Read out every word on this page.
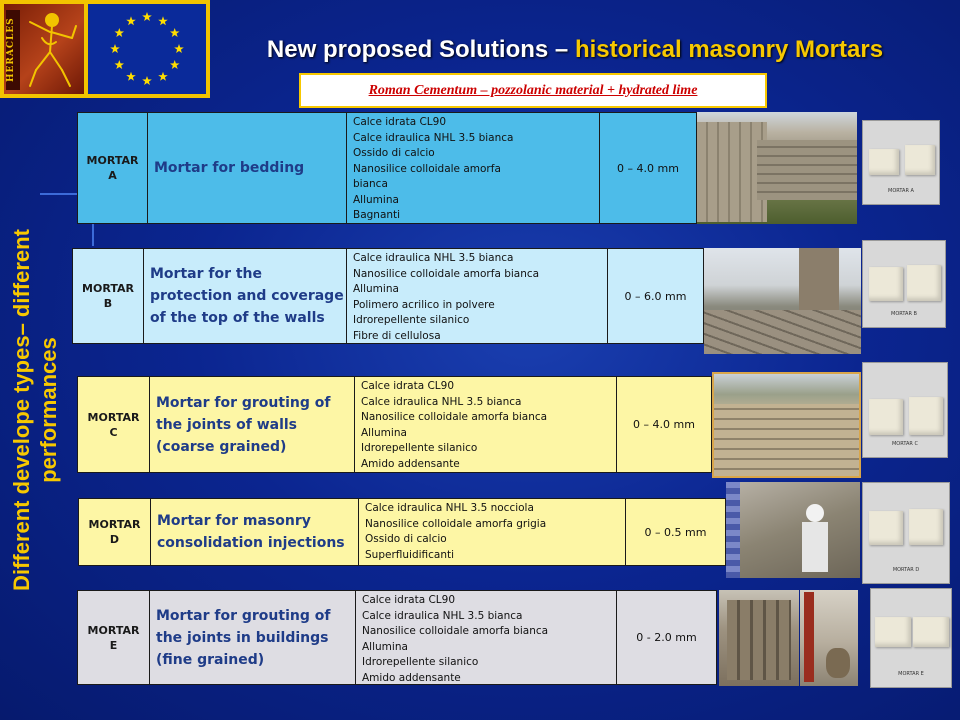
HERACLES	New proposed Solutions – historical masonry Mortars
Roman Cementum – pozzolanic material + hydrated lime
Different develope types– different performances
MORTAR
A	Mortar for bedding
Calce idrata CL90
Calce idraulica NHL 3.5 bianca
Ossido di calcio
Nanosilice colloidale amorfa
bianca
Allumina
Bagnanti
0 – 4.0 mm
MORTAR A
MORTAR
B
Mortar for the protection and coverage of the top of the walls
Calce idraulica NHL 3.5 bianca
Nanosilice colloidale amorfa bianca
Allumina
Polimero acrilico in polvere
Idrorepellente silanico
Fibre di cellulosa
0 – 6.0 mm
MORTAR B
MORTAR
C
Mortar for grouting of the joints of walls (coarse grained)
Calce idrata CL90
Calce idraulica NHL 3.5 bianca
Nanosilice colloidale amorfa bianca
Allumina
Idrorepellente silanico
Amido addensante
0 – 4.0 mm
MORTAR C
MORTAR
D
Mortar for masonry consolidation injections
Calce idraulica NHL 3.5 nocciola
Nanosilice colloidale amorfa grigia
Ossido di calcio
Superfluidificanti
0 – 0.5 mm
MORTAR D
MORTAR
E
Mortar for grouting of the joints in buildings (fine grained)
Calce idrata CL90
Calce idraulica NHL 3.5 bianca
Nanosilice colloidale amorfa bianca
Allumina
Idrorepellente silanico
Amido addensante
0 - 2.0 mm
MORTAR E
